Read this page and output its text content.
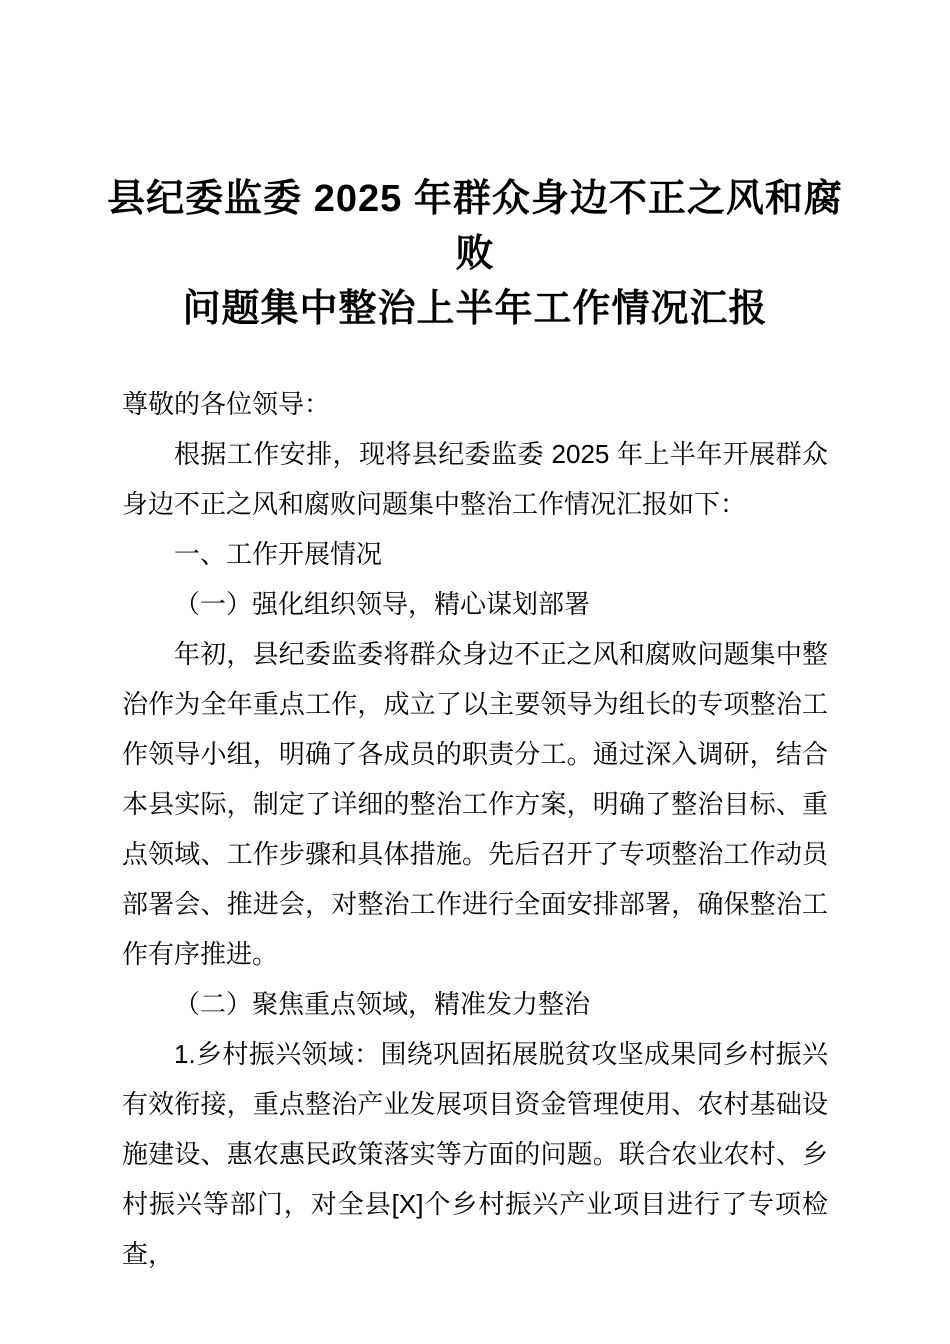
县纪委监委 2025 年群众身边不正之风和腐败
问题集中整治上半年工作情况汇报

尊敬的各位领导：

根据工作安排，现将县纪委监委 2025 年上半年开展群众身边不正之风和腐败问题集中整治工作情况汇报如下：

一、工作开展情况

（一）强化组织领导，精心谋划部署

年初，县纪委监委将群众身边不正之风和腐败问题集中整治作为全年重点工作，成立了以主要领导为组长的专项整治工作领导小组，明确了各成员的职责分工。通过深入调研，结合本县实际，制定了详细的整治工作方案，明确了整治目标、重点领域、工作步骤和具体措施。先后召开了专项整治工作动员部署会、推进会，对整治工作进行全面安排部署，确保整治工作有序推进。

（二）聚焦重点领域，精准发力整治

1.乡村振兴领域：围绕巩固拓展脱贫攻坚成果同乡村振兴有效衔接，重点整治产业发展项目资金管理使用、农村基础设施建设、惠农惠民政策落实等方面的问题。联合农业农村、乡村振兴等部门，对全县[X]个乡村振兴产业项目进行了专项检查，
